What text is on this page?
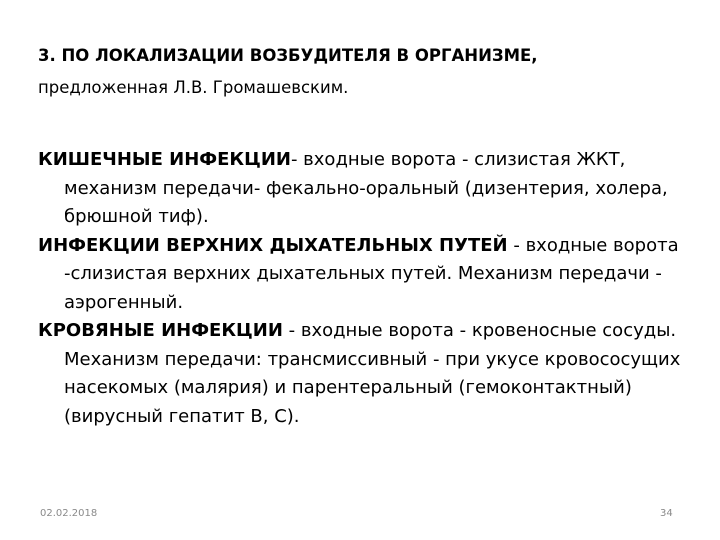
3. ПО ЛОКАЛИЗАЦИИ ВОЗБУДИТЕЛЯ В ОРГАНИЗМЕ,
предложенная Л.В. Громашевским.
КИШЕЧНЫЕ ИНФЕКЦИИ- входные ворота - слизистая ЖКТ, механизм передачи- фекально-оральный (дизентерия, холера, брюшной тиф).
ИНФЕКЦИИ ВЕРХНИХ ДЫХАТЕЛЬНЫХ ПУТЕЙ - входные ворота -слизистая верхних дыхательных путей. Механизм передачи - аэрогенный.
КРОВЯНЫЕ ИНФЕКЦИИ - входные ворота - кровеносные сосуды. Механизм передачи: трансмиссивный - при укусе кровососущих насекомых (малярия) и парентеральный (гемоконтактный) (вирусный гепатит В, С).
02.02.2018	34
